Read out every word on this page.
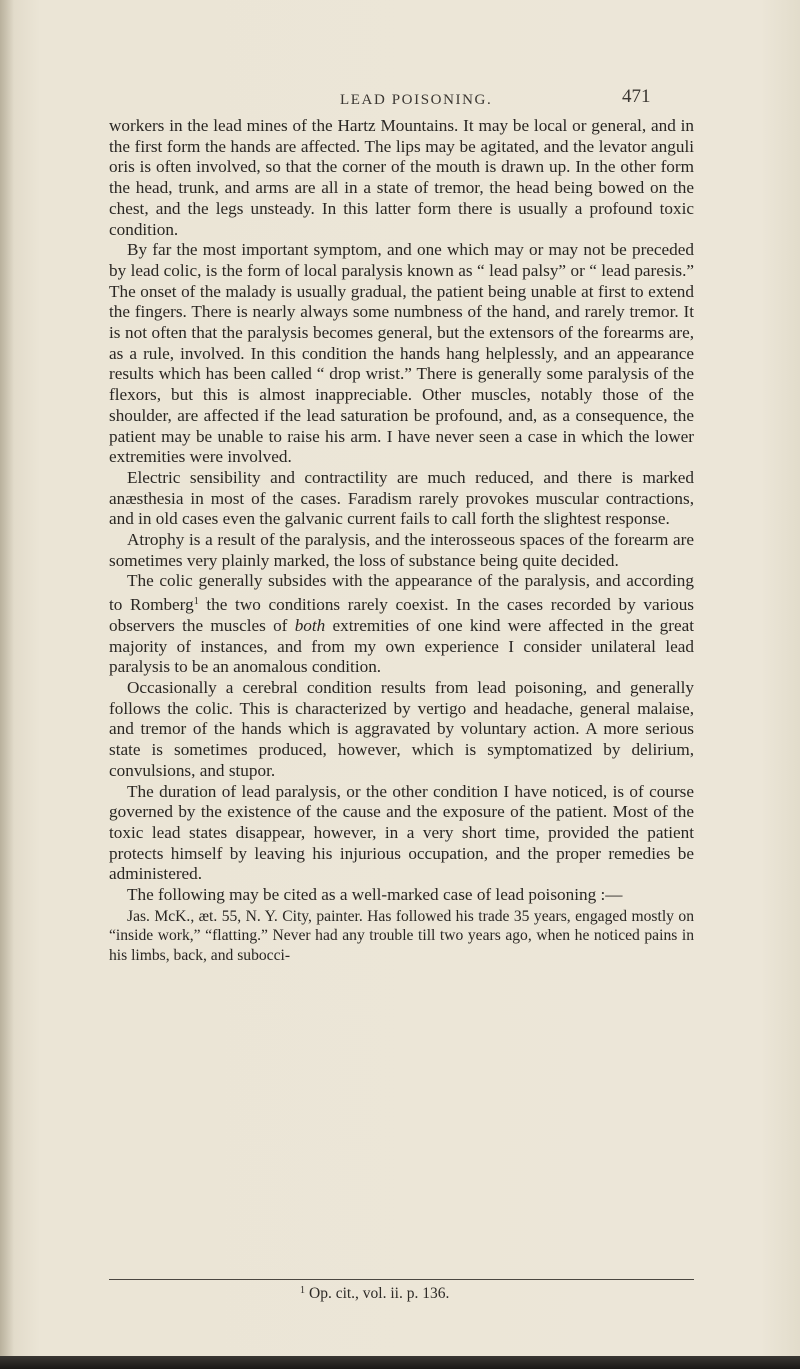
LEAD POISONING.	471

workers in the lead mines of the Hartz Mountains. It may be local or general, and in the first form the hands are affected. The lips may be agitated, and the levator anguli oris is often involved, so that the corner of the mouth is drawn up. In the other form the head, trunk, and arms are all in a state of tremor, the head being bowed on the chest, and the legs unsteady. In this latter form there is usually a profound toxic condition.

By far the most important symptom, and one which may or may not be preceded by lead colic, is the form of local paralysis known as “ lead palsy” or “ lead paresis.” The onset of the malady is usually gradual, the patient being unable at first to extend the fingers. There is nearly always some numbness of the hand, and rarely tremor. It is not often that the paralysis becomes general, but the extensors of the forearms are, as a rule, involved. In this condition the hands hang helplessly, and an appearance results which has been called “ drop wrist.” There is generally some paralysis of the flexors, but this is almost inappreciable. Other muscles, notably those of the shoulder, are affected if the lead saturation be profound, and, as a consequence, the patient may be unable to raise his arm. I have never seen a case in which the lower extremities were involved.

Electric sensibility and contractility are much reduced, and there is marked anæsthesia in most of the cases. Faradism rarely provokes muscular contractions, and in old cases even the galvanic current fails to call forth the slightest response.

Atrophy is a result of the paralysis, and the interosseous spaces of the forearm are sometimes very plainly marked, the loss of substance being quite decided.

The colic generally subsides with the appearance of the paralysis, and according to Romberg$^1$ the two conditions rarely coexist. In the cases recorded by various observers the muscles of both extremities of one kind were affected in the great majority of instances, and from my own experience I consider unilateral lead paralysis to be an anomalous condition.

Occasionally a cerebral condition results from lead poisoning, and generally follows the colic. This is characterized by vertigo and headache, general malaise, and tremor of the hands which is aggravated by voluntary action. A more serious state is sometimes produced, however, which is symptomatized by delirium, convulsions, and stupor.

The duration of lead paralysis, or the other condition I have noticed, is of course governed by the existence of the cause and the exposure of the patient. Most of the toxic lead states disappear, however, in a very short time, provided the patient protects himself by leaving his injurious occupation, and the proper remedies be administered.

The following may be cited as a well-marked case of lead poisoning :—

Jas. McK., æt. 55, N. Y. City, painter. Has followed his trade 35 years, engaged mostly on “inside work,” “flatting.” Never had any trouble till two years ago, when he noticed pains in his limbs, back, and subocci-

$^1$ Op. cit., vol. ii. p. 136.
